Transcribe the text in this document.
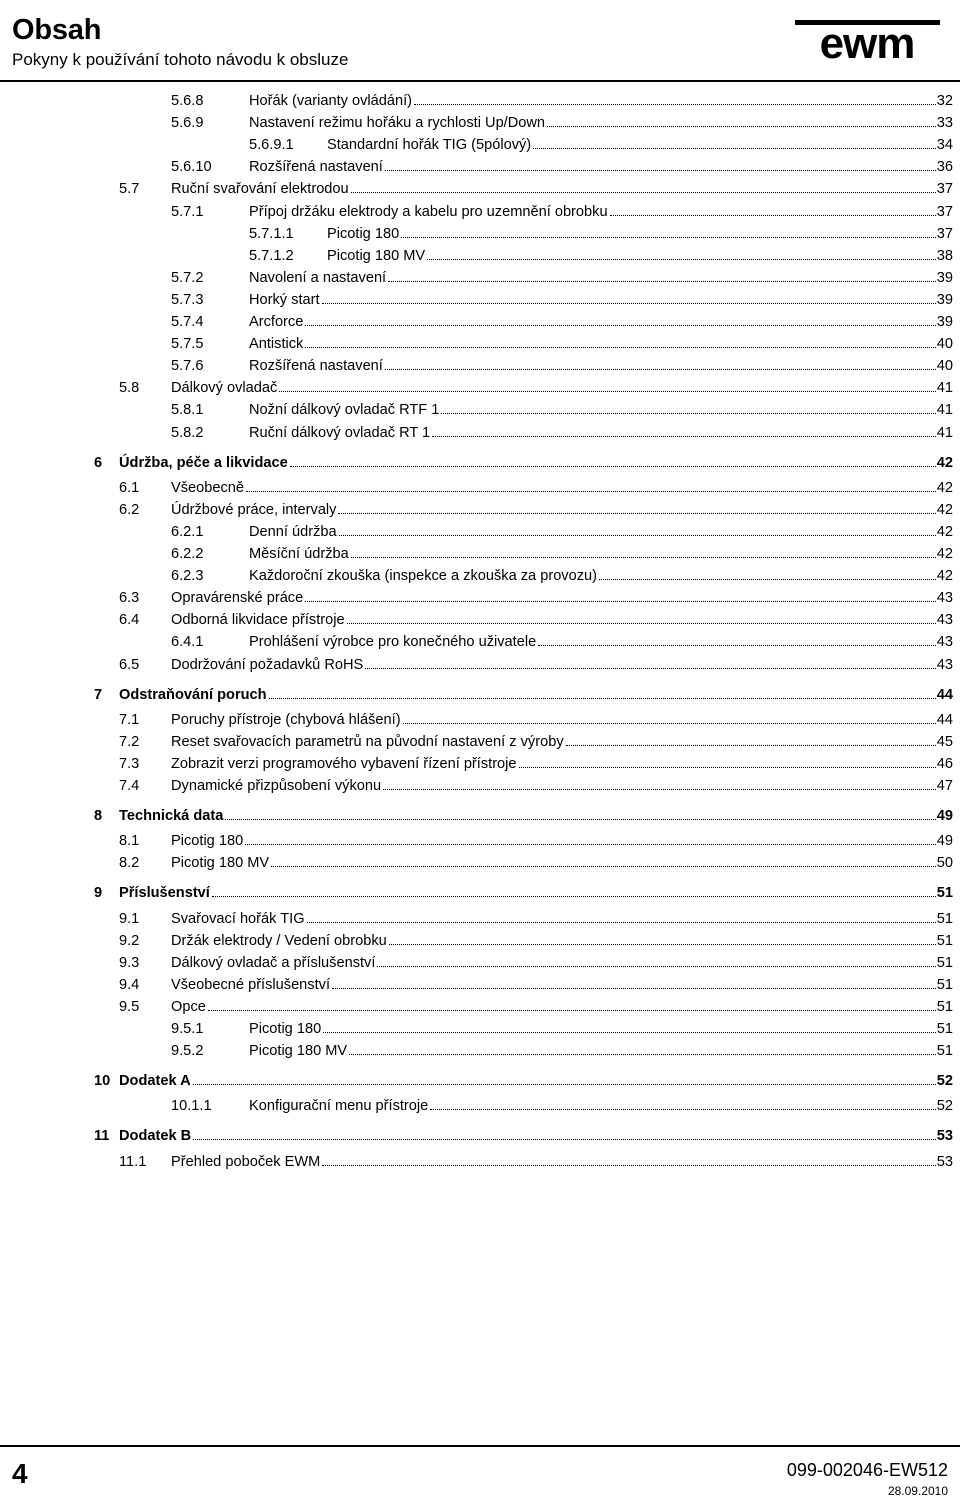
Obsah
Pokyny k používání tohoto návodu k obsluze	ewm
5.6.8	Hořák (varianty ovládání)	32
5.6.9	Nastavení režimu hořáku a rychlosti Up/Down	33
5.6.9.1 Standardní hořák TIG (5pólový)	34
5.6.10	Rozšířená nastavení	36
5.7 Ruční svařování elektrodou	37
5.7.1	Přípoj držáku elektrody a kabelu pro uzemnění obrobku	37
5.7.1.1 Picotig 180	37
5.7.1.2 Picotig 180 MV	38
5.7.2	Navolení a nastavení	39
5.7.3	Horký start	39
5.7.4	Arcforce	39
5.7.5	Antistick	40
5.7.6	Rozšířená nastavení	40
5.8 Dálkový ovladač	41
5.8.1	Nožní dálkový ovladač RTF 1	41
5.8.2	Ruční dálkový ovladač RT 1	41
6 Údržba, péče a likvidace	42
6.1 Všeobecně	42
6.2 Údržbové práce, intervaly	42
6.2.1	Denní údržba	42
6.2.2	Měsíční údržba	42
6.2.3	Každoroční zkouška (inspekce a zkouška za provozu)	42
6.3 Opravárenské práce	43
6.4 Odborná likvidace přístroje	43
6.4.1	Prohlášení výrobce pro konečného uživatele	43
6.5 Dodržování požadavků RoHS	43
7 Odstraňování poruch	44
7.1 Poruchy přístroje (chybová hlášení)	44
7.2 Reset svařovacích parametrů na původní nastavení z výroby	45
7.3 Zobrazit verzi programového vybavení řízení přístroje	46
7.4 Dynamické přizpůsobení výkonu	47
8 Technická data	49
8.1 Picotig 180	49
8.2 Picotig 180 MV	50
9 Příslušenství	51
9.1 Svařovací hořák TIG	51
9.2 Držák elektrody / Vedení obrobku	51
9.3 Dálkový ovladač a příslušenství	51
9.4 Všeobecné příslušenství	51
9.5 Opce	51
9.5.1	Picotig 180	51
9.5.2	Picotig 180 MV	51
10 Dodatek A	52
10.1.1	Konfigurační menu přístroje	52
11 Dodatek B	53
11.1 Přehled poboček EWM	53
4	099-002046-EW512
28.09.2010
